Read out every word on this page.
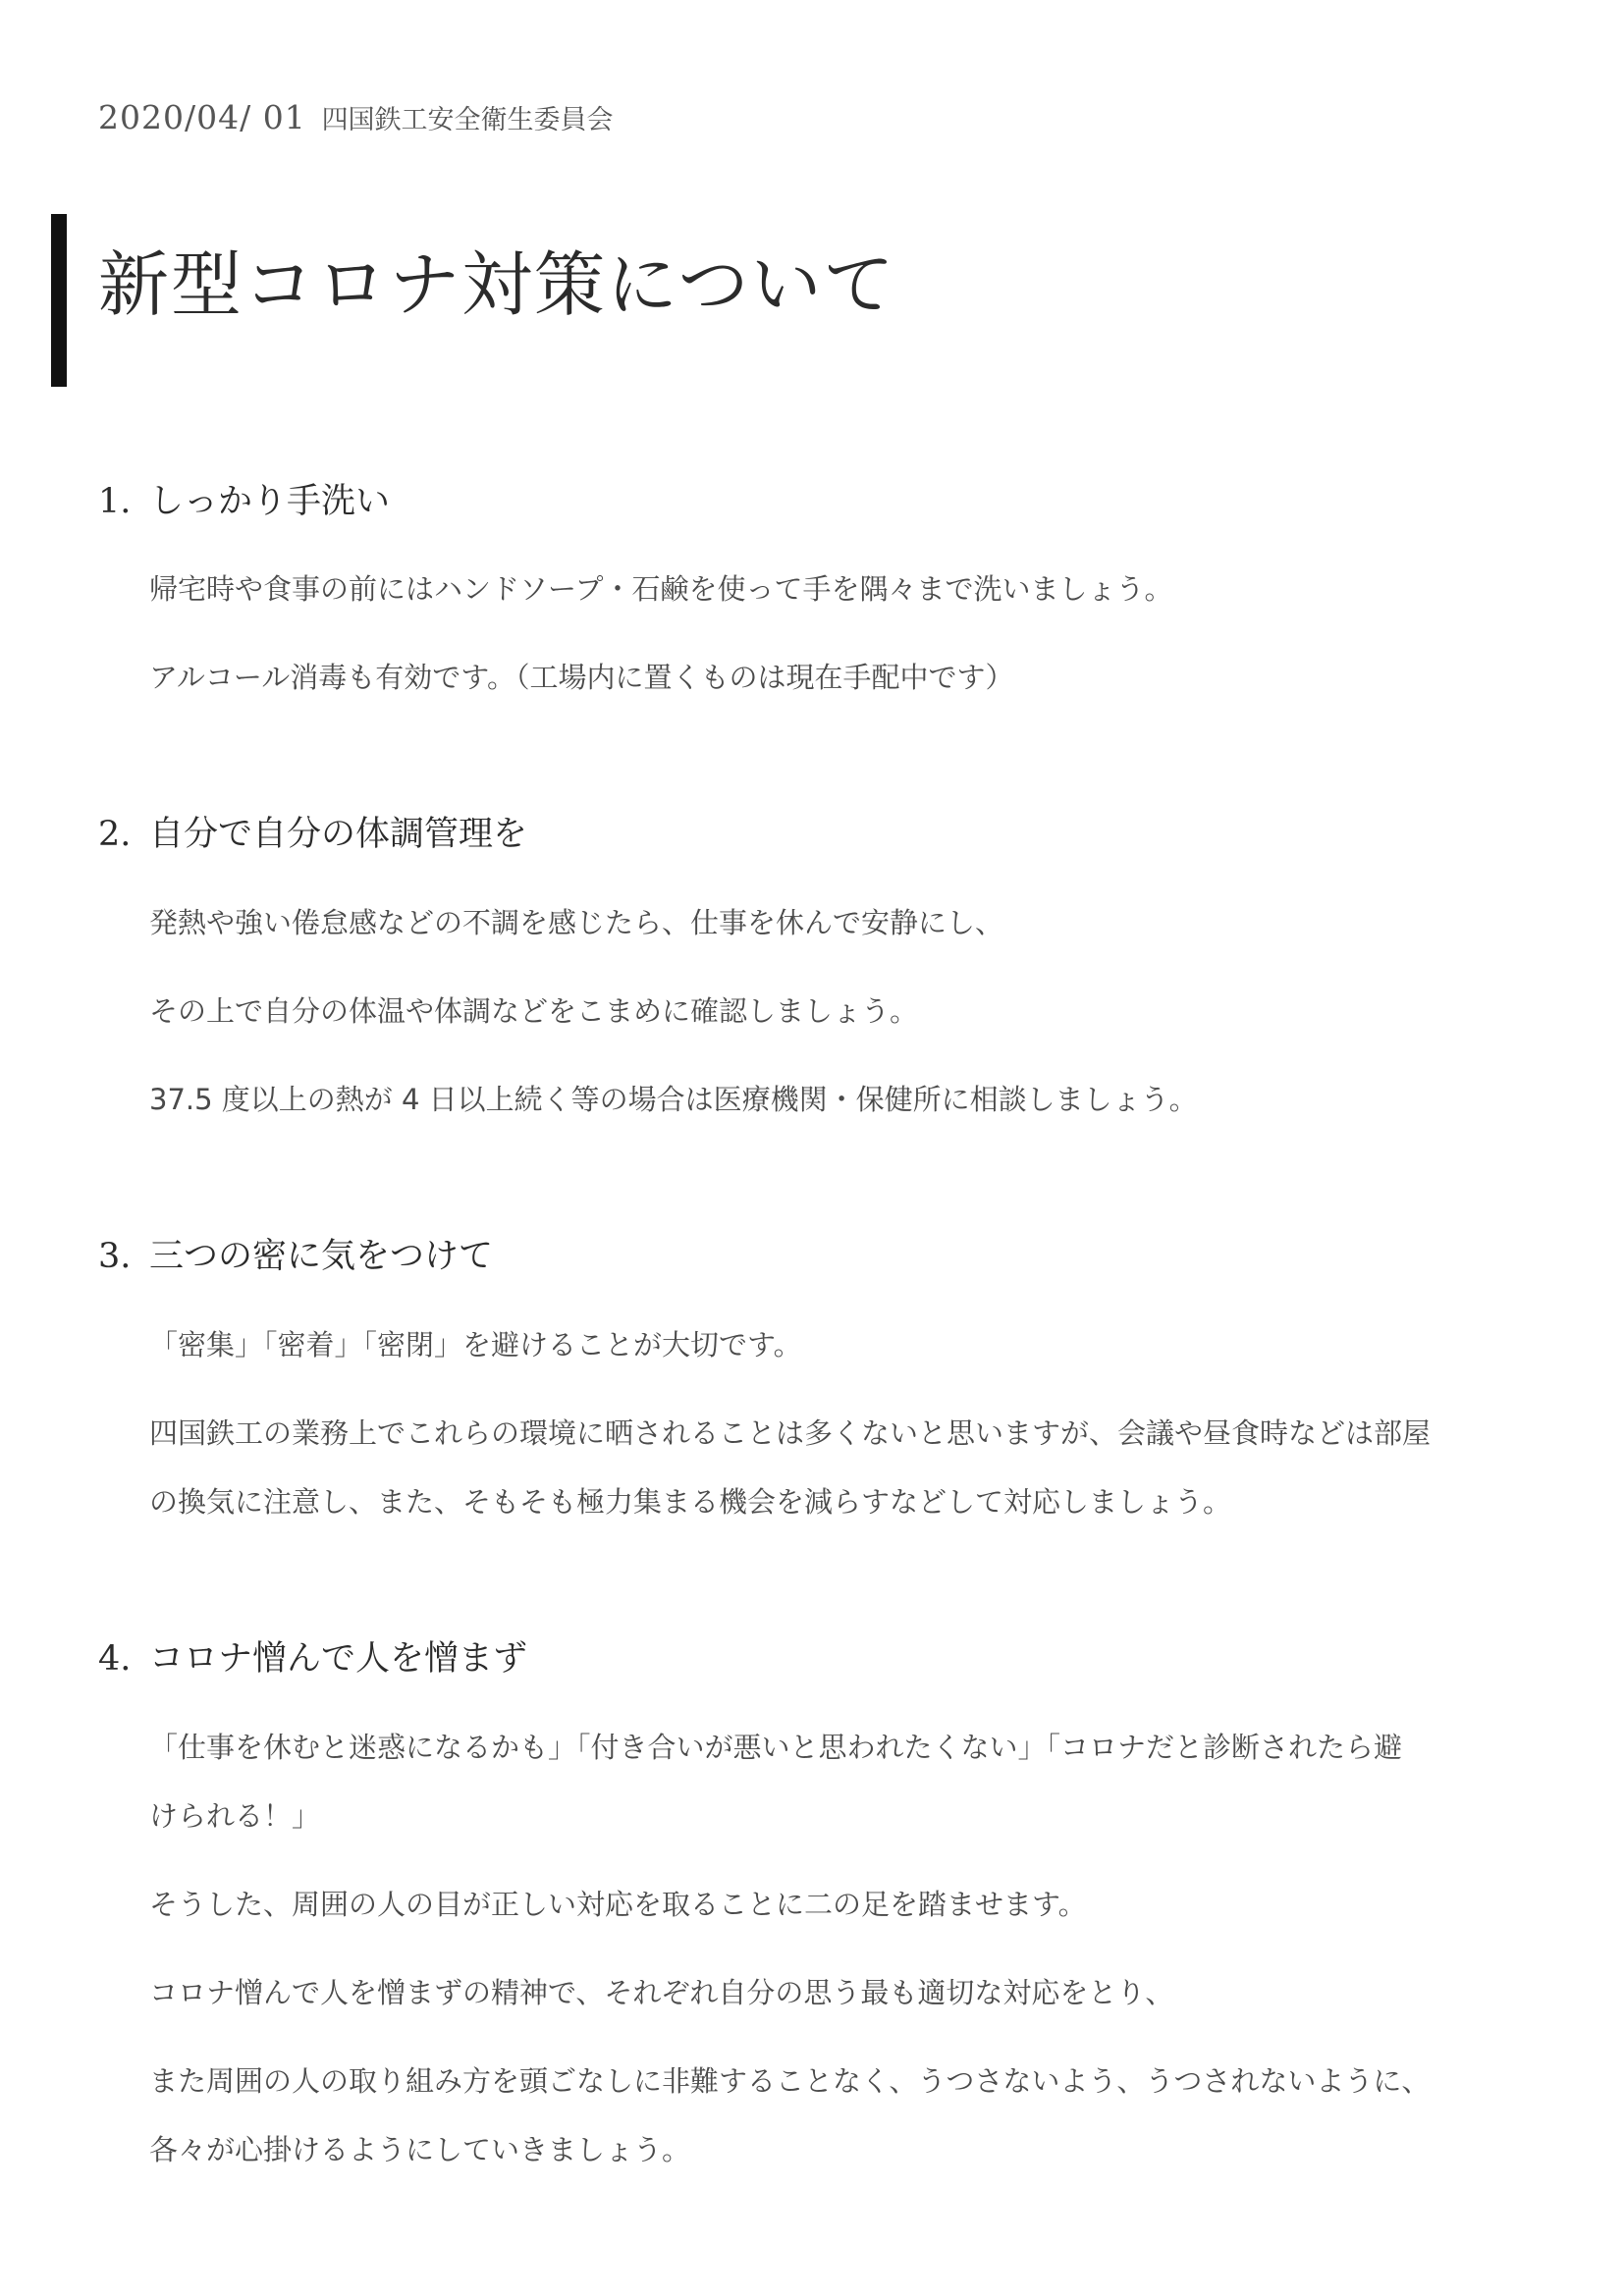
2020/04/ 01 四国鉄工安全衛生委員会
新型コロナ対策について
1. しっかり手洗い

帰宅時や食事の前にはハンドソープ・石鹸を使って手を隅々まで洗いましょう。

アルコール消毒も有効です。（工場内に置くものは現在手配中です）

2. 自分で自分の体調管理を

発熱や強い倦怠感などの不調を感じたら、仕事を休んで安静にし、

その上で自分の体温や体調などをこまめに確認しましょう。

37.5 度以上の熱が 4 日以上続く等の場合は医療機関・保健所に相談しましょう。

3. 三つの密に気をつけて

「密集」「密着」「密閉」を避けることが大切です。

四国鉄工の業務上でこれらの環境に晒されることは多くないと思いますが、会議や昼食時などは部屋

の換気に注意し、また、そもそも極力集まる機会を減らすなどして対応しましょう。

4. コロナ憎んで人を憎まず

「仕事を休むと迷惑になるかも」「付き合いが悪いと思われたくない」「コロナだと診断されたら避

けられる！」

そうした、周囲の人の目が正しい対応を取ることに二の足を踏ませます。

コロナ憎んで人を憎まずの精神で、それぞれ自分の思う最も適切な対応をとり、

また周囲の人の取り組み方を頭ごなしに非難することなく、うつさないよう、うつされないように、

各々が心掛けるようにしていきましょう。
